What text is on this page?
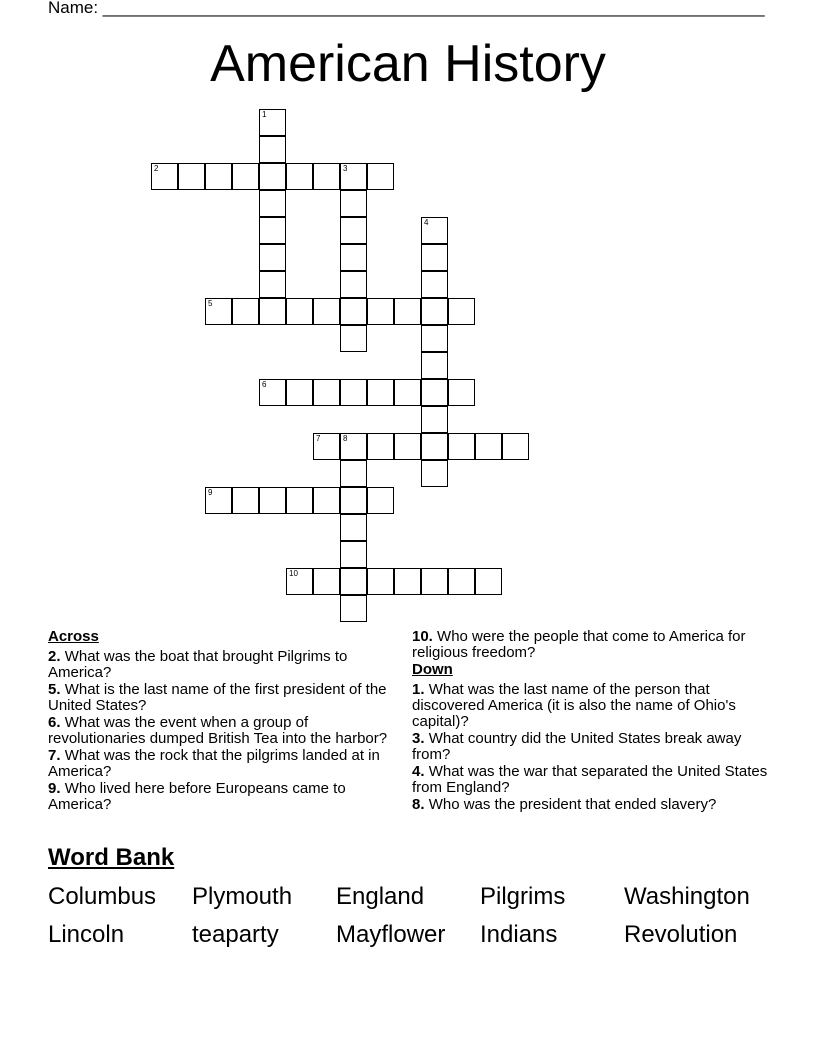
Name: ______________________________________________________________________
American History
1
2	3
4
5
6
7	8
9
10
Across
2. What was the boat that brought Pilgrims to America?
5. What is the last name of the first president of the United States?
6. What was the event when a group of revolutionaries dumped British Tea into the harbor?
7. What was the rock that the pilgrims landed at in America?
9. Who lived here before Europeans came to America?
10. Who were the people that come to America for religious freedom?
Down
1. What was the last name of the person that discovered America (it is also the name of Ohio's capital)?
3. What country did the United States break away from?
4. What was the war that separated the United States from England?
8. Who was the president that ended slavery?
Word Bank
Columbus Plymouth England Pilgrims Washington
Lincoln	teaparty Mayflower Indians	Revolution
